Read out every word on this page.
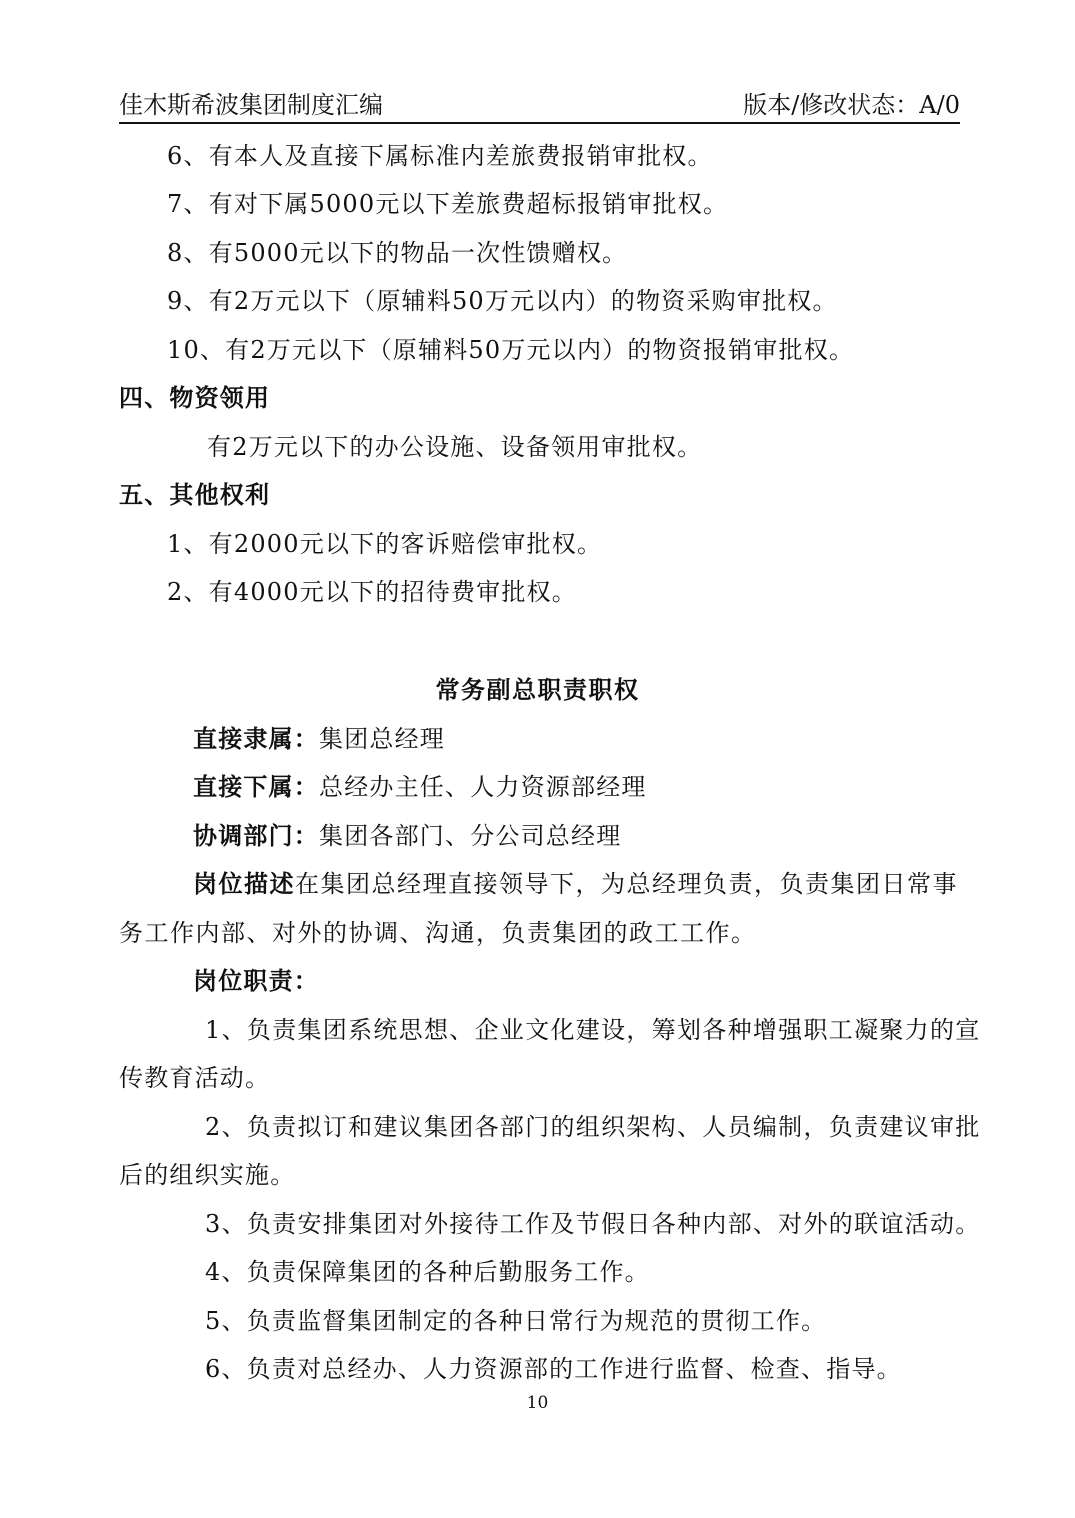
佳木斯希波集团制度汇编	版本/修改状态：A/0
6、有本人及直接下属标准内差旅费报销审批权。
7、有对下属5000元以下差旅费超标报销审批权。
8、有5000元以下的物品一次性馈赠权。
9、有2万元以下（原辅料50万元以内）的物资采购审批权。
10、有2万元以下（原辅料50万元以内）的物资报销审批权。
四、物资领用
有2万元以下的办公设施、设备领用审批权。
五、其他权利
1、有2000元以下的客诉赔偿审批权。
2、有4000元以下的招待费审批权。
常务副总职责职权
直接隶属：集团总经理
直接下属：总经办主任、人力资源部经理
协调部门：集团各部门、分公司总经理
岗位描述在集团总经理直接领导下，为总经理负责，负责集团日常事
务工作内部、对外的协调、沟通，负责集团的政工工作。
岗位职责：
1、负责集团系统思想、企业文化建设，筹划各种增强职工凝聚力的宣
传教育活动。
2、负责拟订和建议集团各部门的组织架构、人员编制，负责建议审批
后的组织实施。
3、负责安排集团对外接待工作及节假日各种内部、对外的联谊活动。
4、负责保障集团的各种后勤服务工作。
5、负责监督集团制定的各种日常行为规范的贯彻工作。
6、负责对总经办、人力资源部的工作进行监督、检查、指导。
10
